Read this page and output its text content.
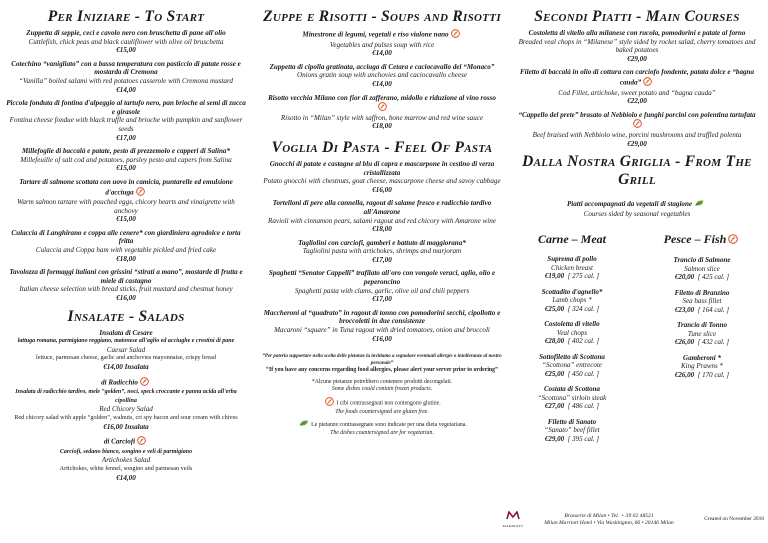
Per Iniziare - To Start
Zuppetta di seppie, ceci e cavolo nero con bruschetta di pane all'olio
Cuttlefish, chick peas and black cauliflower with olive oil bruschetta
€15,00
Cotechino “vanigliato” con a bassa temperatura con pasticcio di patate rosse e mostarda di Cremona
“Vanilla” boiled salami with red potatoes casserole with Cremona mustard
€14,00
Piccola fonduta di fontina d'alpeggio al tartufo nero, pan brioche ai semi di zucca e girasole
Fontina cheese fondue with black truffle and brioche with pumpkin and sunflower seeds
€17,00
Millefoglie di baccalà e patate, pesto di prezzemolo e capperi di Salina*
Millefeuille of salt cod and potatoes, parsley pesto and capers from Salina
€15,00
Tartare di salmone scottata con uovo in camicia, puntarelle ed emulsione d'acciuga
Warm salmon tartare with pouched eggs, chicory hearts and vinaigrette with anchovy
€15,00
Culaccia di Langhirano e coppa alle cenere* con giardiniera agrodolce e torta fritta
Culaccia and Coppa ham with vegetable pickled and fried cake
€18,00
Tavolozza di formaggi italiani con grissini “stirati a mano”, mostarde di frutta e miele di castagno
Italian cheese selection with bread sticks, fruit mustard and chestnut honey
€16,00
Insalate - Salads
Insalata di Cesare
lattuga romana, parmigiano reggiano, maionese all'aglio ed acciughe e crostini di pane
Caesar Salad
lettuce, parmesan cheese, garlic and anchovies mayonnaise, crispy bread
€14,00 Insalata
di Radicchio
Insalata di radicchio tardivo, mele “golden”, noci, speck croccante e panna acida all'erba cipollina
Red Chicory Salad
Red chicory salad with apple “golden”, walnuts, cri spy bacon and sour cream with chives
€16,00 Insalata
di Carciofi
Carciofi, sedano bianco, songino e veli di parmigiano
Artichokes Salad
Artichokes, white fennel, songino and parmesan veils
€14,00
Zuppe e Risotti - Soups and Risotti
Minestrone di legumi, vegetali e riso vialone nano
Vegetables and pulses soup with rice
€14,00
Zuppetta di cipolla gratinata, acciuga di Cetara e caciocavallo del “Monaco”
Onions gratin soup with anchovies and caciocavallo cheese
€14,00
Risotto vecchia Milano con fior di zafferano, midollo e riduzione al vino rosso
Risotto in “Milan” style with saffron, bone marrow and red wine sauce
€18,00
Voglia Di Pasta - Feel Of Pasta
Gnocchi di patate e castagne al blu di capra e mascarpone in cestino di verza cristallizzata
Potato gnocchi with chestnuts, goat cheese, mascarpone cheese and savoy cabbage
€16,00
Tortelloni di pere alla cannella, ragout di salame fresco e radicchio tardivo all'Amarone
Ravioli with cinnamon pears, salami ragout and red chicory with Amarone wine
€18,00
Tagliolini con carciofi, gamberi e battuto di maggiorana*
Tagliolini pasta with artichokes, shrimps and marjoram
€17,00
Spaghetti “Senator Cappelli” trafilato all'oro con vongole veraci, aglio, olio e peperoncino
Spaghetti pasta with clams, garlic, olive oil and chili peppers
€17,00
Maccheroni al “quadrato” in ragout di tonno con pomodorini secchi, cipollotto e broccoletti in due consistenze
Macaroni “square” in Tuna ragout with dried tomatoes, onion and broccoli
€16,00
“Per poterla supportare nella scelta delle pietanze la invitiamo a segnalare eventuali allergie o intolleranze al nostro personale”
“If you have any concerns regarding food allergies, please alert your server prior to ordering”
*Alcune pietanze potrebbero contenere prodotti decongelati.
Some dishes could contain frozen products.
I cibi contrassegnati non contengono glutine.
The foods countersigned are gluten free.
Le pietanze contrassegnate sono indicate per una dieta vegetariana.
The dishes countersigned are for vegetarian.
Secondi Piatti - Main Courses
Costoletta di vitello alla milanese con rucola, pomodorini e patate al forno
Breaded veal chops in “Milanese” style sided by rocket salad, cherry tomatoes and baked potatoes
€29,00
Filetto di baccalà in olio di cottura con carciofo fondente, patata dolce e “bagna cauda”
Cod Fillet, artichoke, sweet potato and “bagna cauda”
€22,00
“Cappello del prete” brasato al Nebbiolo e funghi porcini con polentina tartufata
Beef braised with Nebbiolo wine, porcini mushrooms and truffled polenta
€29,00
Dalla Nostra Griglia - From The Grill
Piatti accompagnati da vegetali di stagione
Courses sided by seasonal vegetables
Carne – Meat
Suprema di pollo
Chicken breast
€19,00 [ 275 cal. ]
Scottadito d'agnello*
Lamb chops *
€25,00 [ 324 cal. ]
Costoletta di vitello
Veal chops
€28,00 [ 402 cal. ]
Sottofiletto di Scottona
“Scottona” entrecote
€25,00 [ 450 cal. ]
Costata di Scottona
“Scottona” sirloin steak
€27,00 [ 486 cal. ]
Filetto di Sanato
“Sanato” beef fillet
€29,00 [ 395 cal. ]
Pesce – Fish
Trancio di Salmone
Salmon slice
€20,00 [ 425 cal. ]
Filetto di Branzino
Sea bass fillet
€23,00 [ 164 cal. ]
Trancio di Tonno
Tune slice
€26,00 [ 432 cal. ]
Gamberoni *
King Prawns *
€26,00 [ 170 cal. ]
MARRIOTT
Brasserie di Milan • Tel. + 39 02 48521
Milan Marriott Hotel • Via Washington, 66 • 20146 Milan
Created on November 2016
